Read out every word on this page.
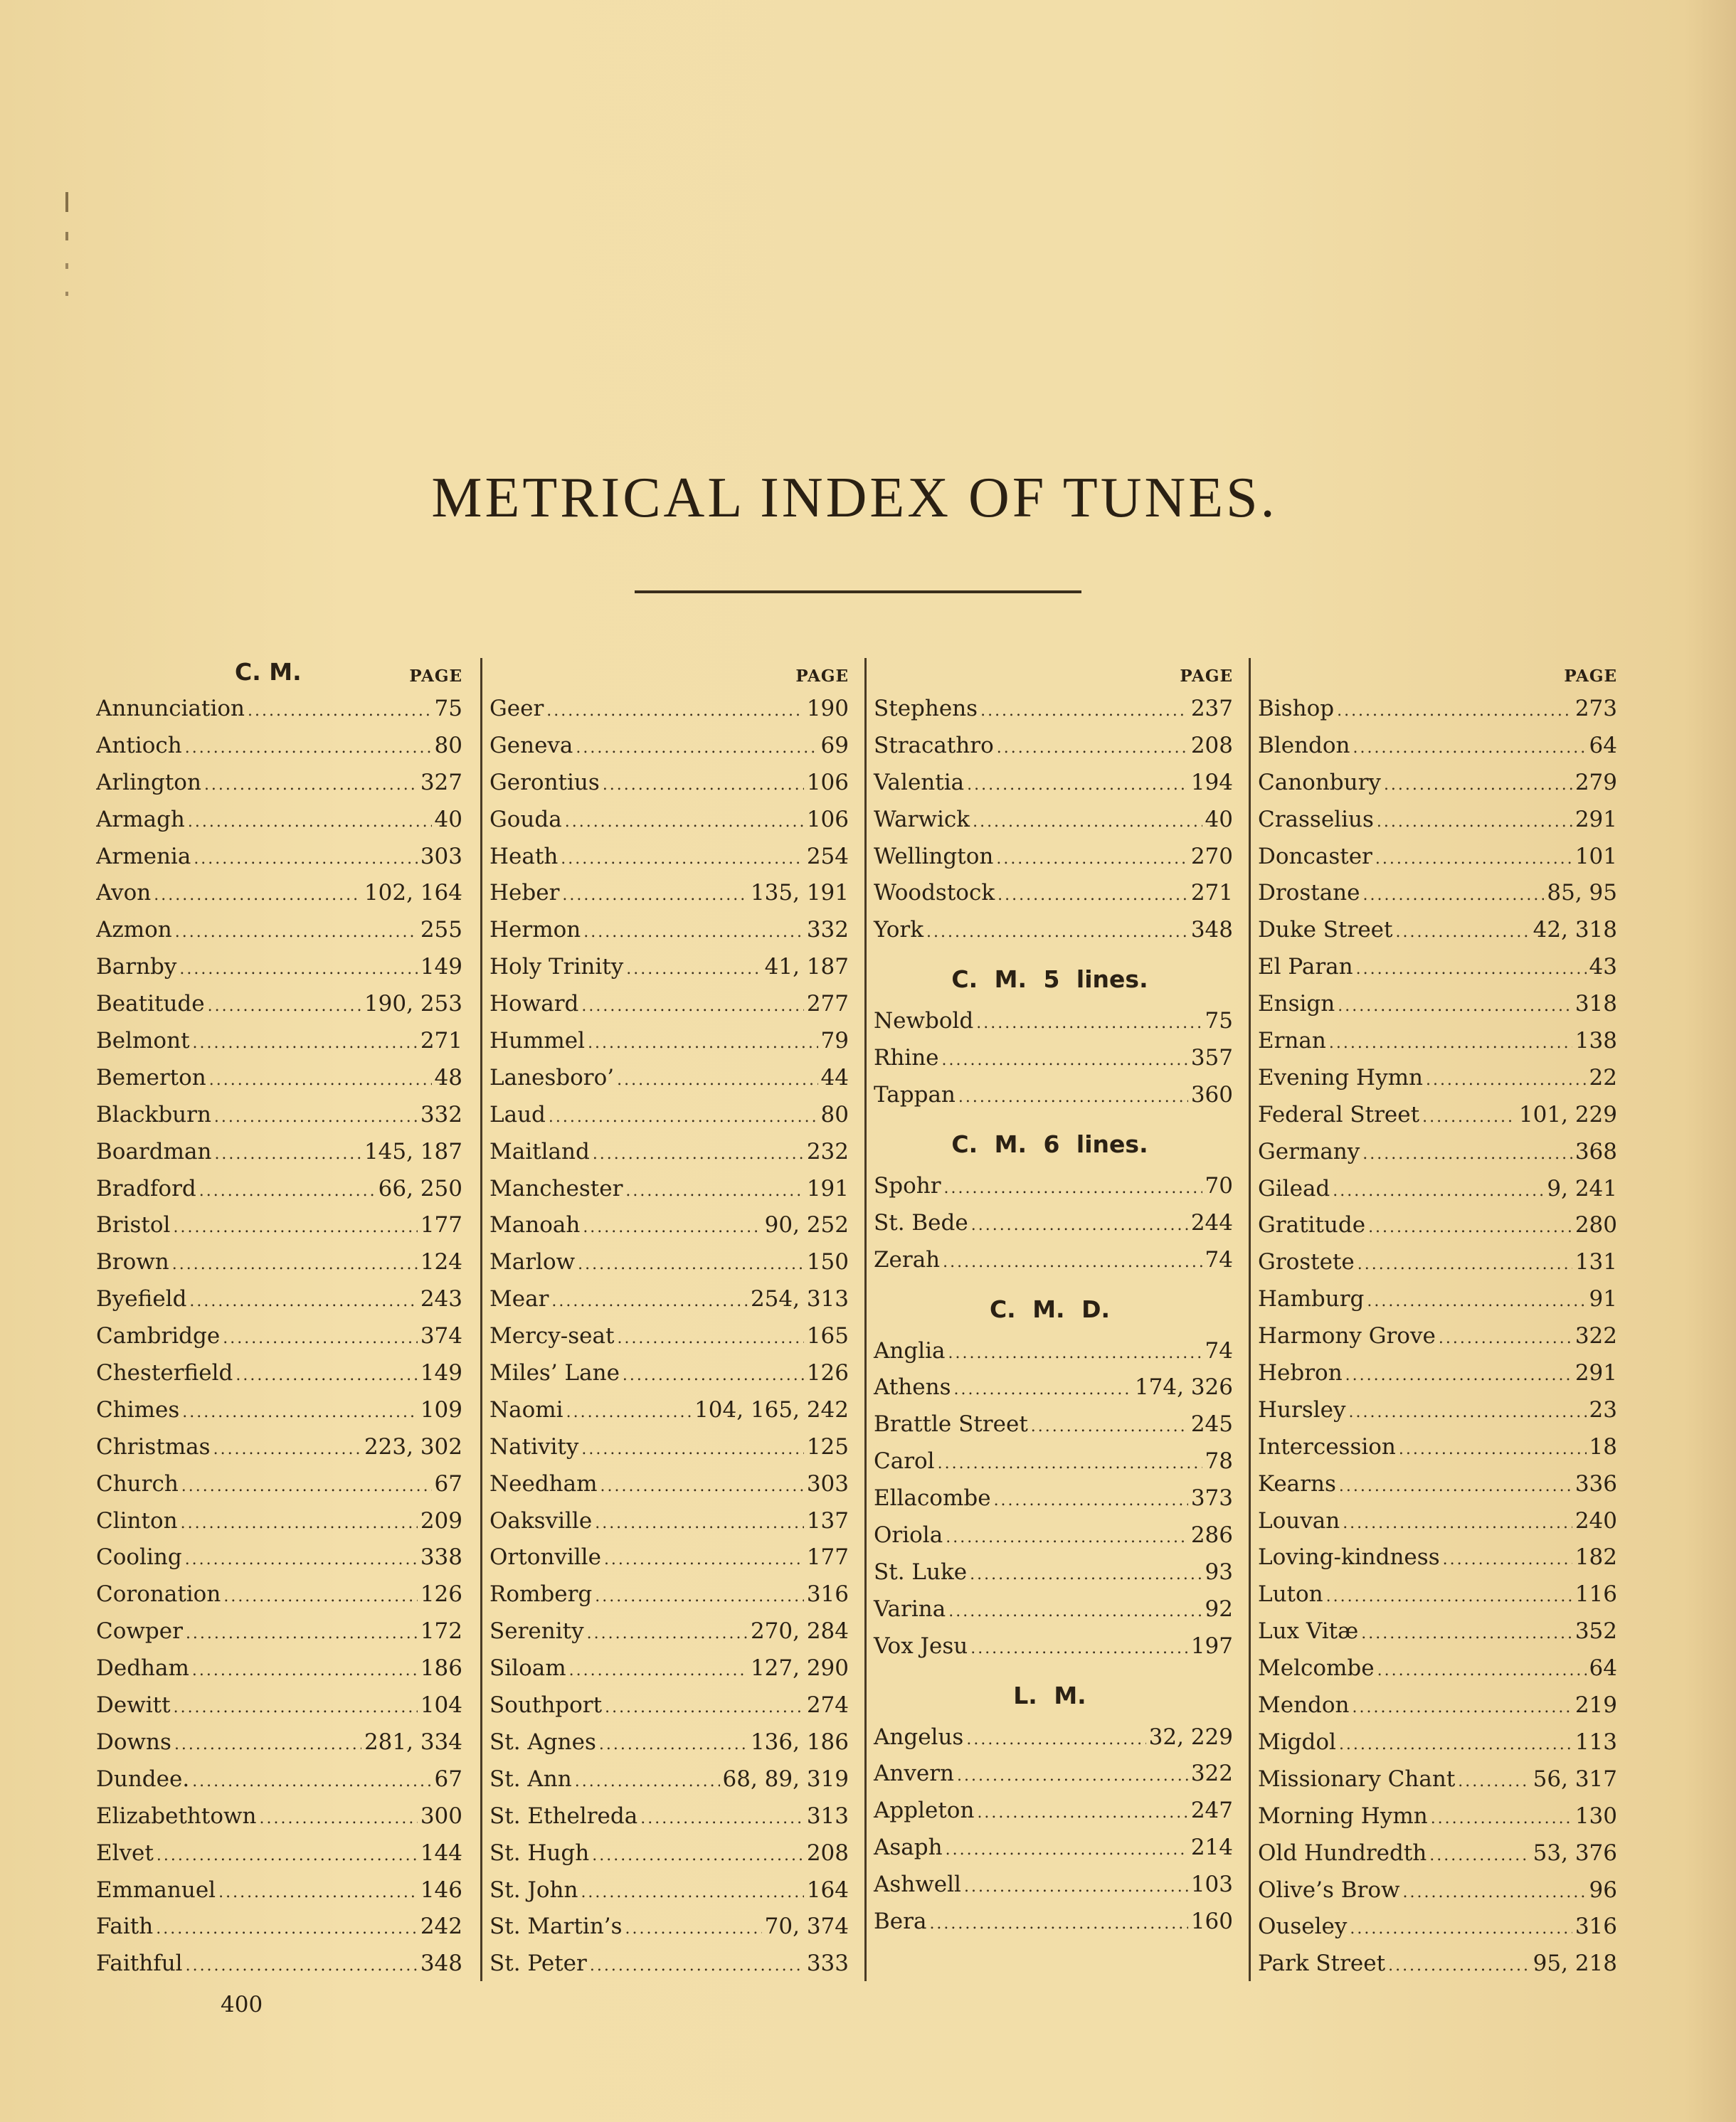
METRICAL INDEX OF TUNES.
C. M.	PAGE
Annunciation .....	75
Antioch .....	80
Arlington .....	327
Armagh .....	40
Armenia .....	303
Avon .....	102, 164
Azmon .....	255
Barnby .....	149
Beatitude .....	190, 253
Belmont .....	271
Bemerton .....	48
Blackburn .....	332
Boardman .....	145, 187
Bradford .....	66, 250
Bristol .....	177
Brown .....	124
Byefield .....	243
Cambridge .....	374
Chesterfield .....	149
Chimes .....	109
Christmas .....	223, 302
Church .....	67
Clinton .....	209
Cooling .....	338
Coronation .....	126
Cowper .....	172
Dedham .....	186
Dewitt .....	104
Downs .....	281, 334
Dundee. .....	67
Elizabethtown .....	300
Elvet .....	144
Emmanuel .....	146
Faith .....	242
Faithful .....	348
PAGE
Geer .....	190
Geneva .....	69
Gerontius .....	106
Gouda .....	106
Heath .....	254
Heber .....	135, 191
Hermon .....	332
Holy Trinity .....	41, 187
Howard .....	277
Hummel .....	79
Lanesboro’ .....	44
Laud .....	80
Maitland .....	232
Manchester .....	191
Manoah .....	90, 252
Marlow .....	150
Mear .....	254, 313
Mercy-seat .....	165
Miles’ Lane .....	126
Naomi .....	104, 165, 242
Nativity .....	125
Needham .....	303
Oaksville .....	137
Ortonville .....	177
Romberg .....	316
Serenity .....	270, 284
Siloam .....	127, 290
Southport .....	274
St. Agnes .....	136, 186
St. Ann .....	68, 89, 319
St. Ethelreda .....	313
St. Hugh .....	208
St. John .....	164
St. Martin’s .....	70, 374
St. Peter .....	333
PAGE
Stephens .....	237
Stracathro .....	208
Valentia .....	194
Warwick .....	40
Wellington .....	270
Woodstock .....	271
York .....	348
C. M. 5 lines.
Newbold .....	75
Rhine .....	357
Tappan .....	360
C. M. 6 lines.
Spohr .....	70
St. Bede .....	244
Zerah .....	74
C. M. D.
Anglia .....	74
Athens .....	174, 326
Brattle Street .....	245
Carol .....	78
Ellacombe .....	373
Oriola .....	286
St. Luke .....	93
Varina .....	92
Vox Jesu .....	197
L. M.
Angelus .....	32, 229
Anvern .....	322
Appleton .....	247
Asaph .....	214
Ashwell .....	103
Bera .....	160
PAGE
Bishop .....	273
Blendon .....	64
Canonbury .....	279
Crasselius .....	291
Doncaster .....	101
Drostane .....	85, 95
Duke Street .....	42, 318
El Paran .....	43
Ensign .....	318
Ernan .....	138
Evening Hymn .....	22
Federal Street .....	101, 229
Germany .....	368
Gilead .....	9, 241
Gratitude .....	280
Grostete .....	131
Hamburg .....	91
Harmony Grove .....	322
Hebron .....	291
Hursley .....	23
Intercession .....	18
Kearns .....	336
Louvan .....	240
Loving-kindness .....	182
Luton .....	116
Lux Vitæ .....	352
Melcombe .....	64
Mendon .....	219
Migdol .....	113
Missionary Chant .....	56, 317
Morning Hymn .....	130
Old Hundredth .....	53, 376
Olive’s Brow .....	96
Ouseley .....	316
Park Street .....	95, 218
400
